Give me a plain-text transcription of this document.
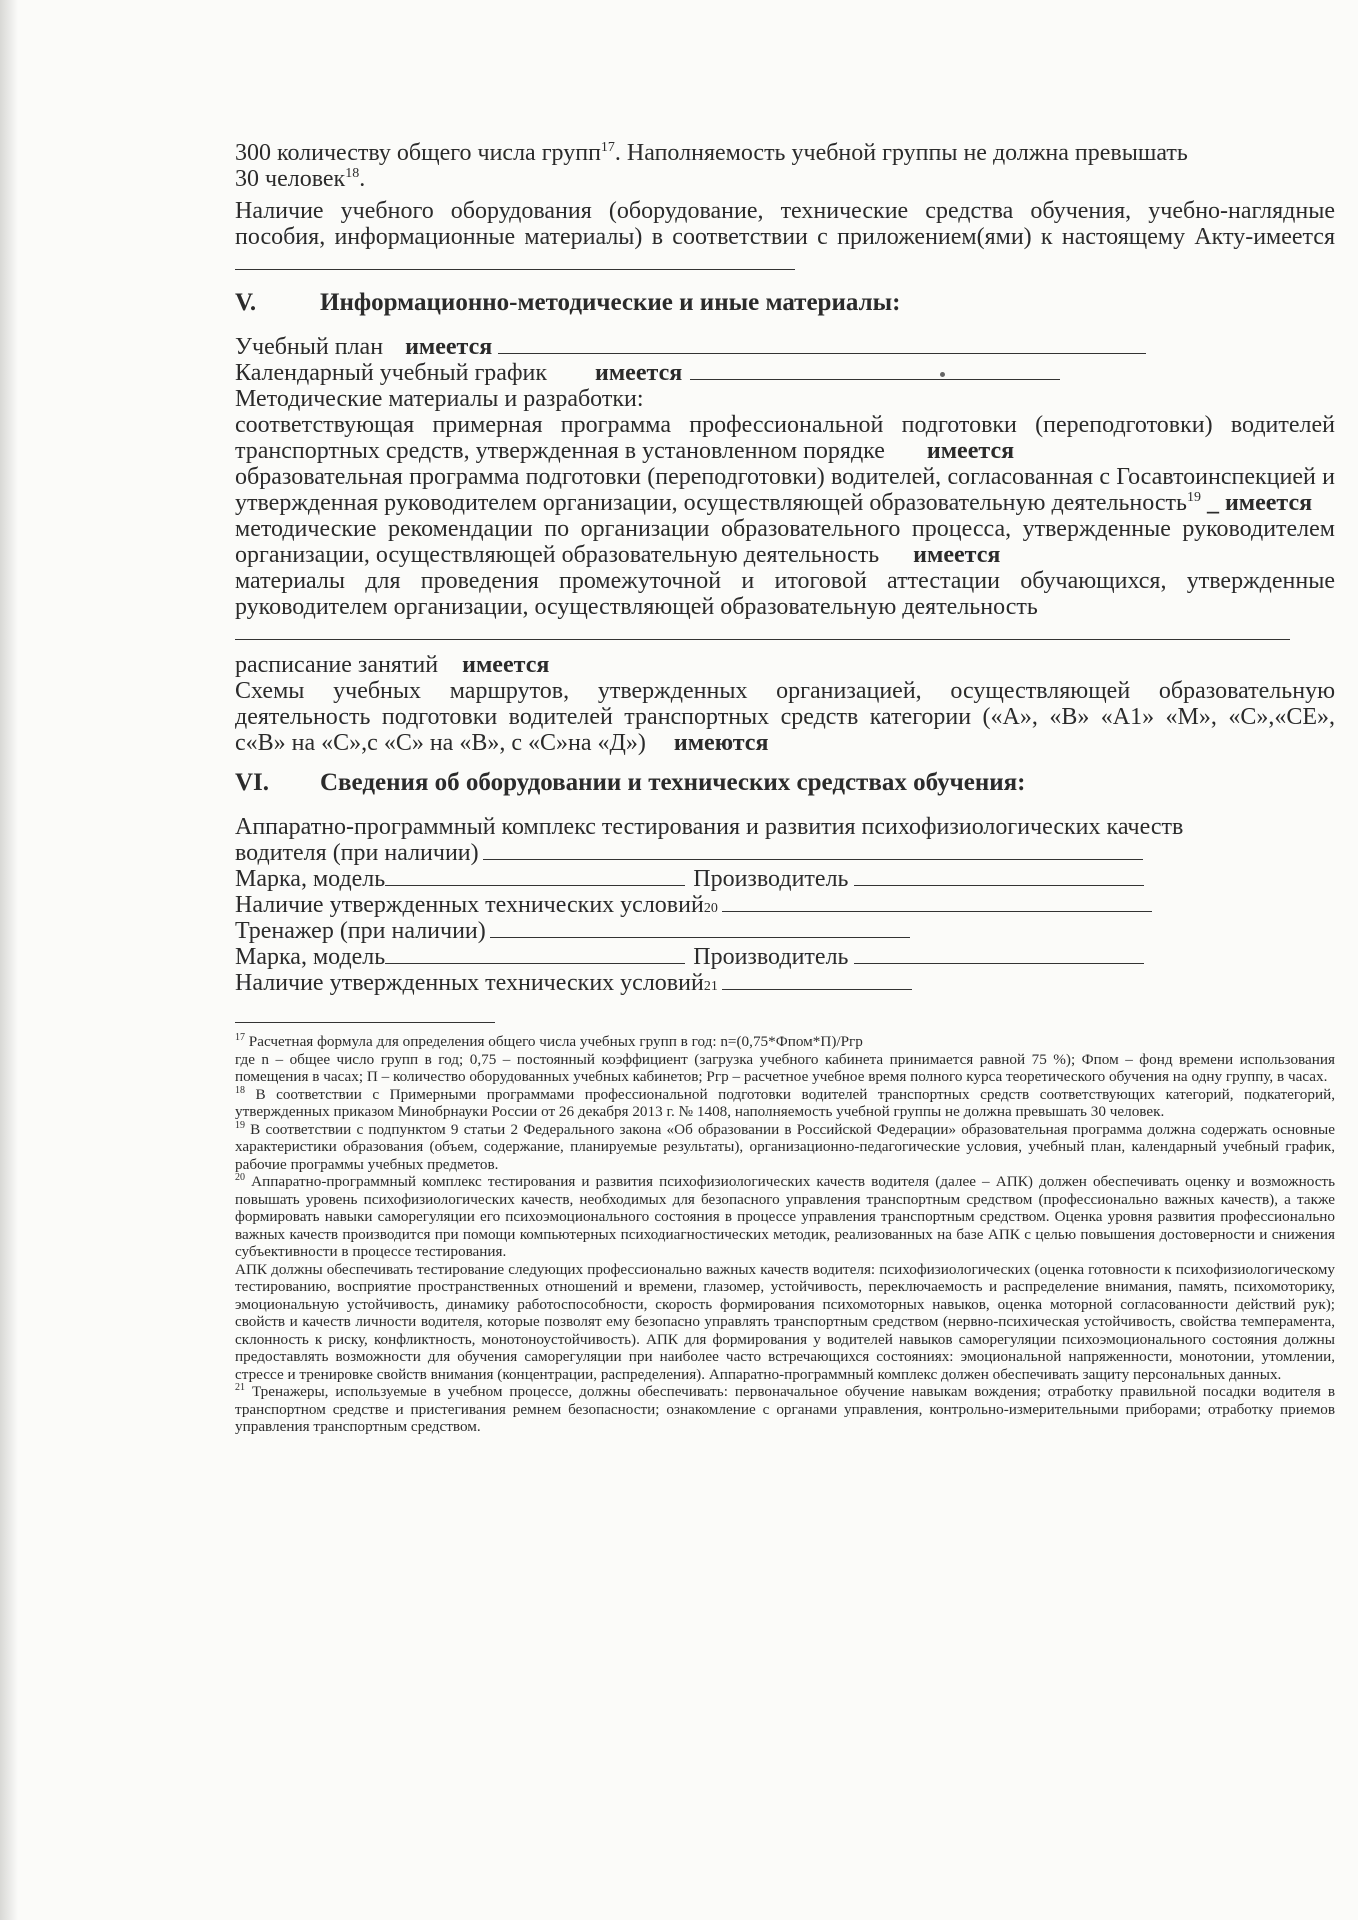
300 количеству общего числа групп$^{17}$. Наполняемость учебной группы не должна превышать

30 человек$^{18}$.

Наличие учебного оборудования (оборудование, технические средства обучения, учебно-наглядные пособия, информационные материалы) в соответствии с приложением(ями) к настоящему Акту-имеется

V.	Информационно-методические и иные материалы:
Учебный план имеется
Календарный учебный график имеется

Методические материалы и разработки:

соответствующая примерная программа профессиональной подготовки (переподготовки) водителей транспортных средств, утвержденная в установленном порядке имеется

образовательная программа подготовки (переподготовки) водителей, согласованная с Госавтоинспекцией и утвержденная руководителем организации, осуществляющей образовательную деятельность$^{19}$ _ имеется

методические рекомендации по организации образовательного процесса, утвержденные руководителем организации, осуществляющей образовательную деятельность имеется

материалы для проведения промежуточной и итоговой аттестации обучающихся, утвержденные руководителем организации, осуществляющей образовательную деятельность

расписание занятий имеется

Схемы учебных маршрутов, утвержденных организацией, осуществляющей образовательную деятельность подготовки водителей транспортных средств категории («А», «В» «А1» «М», «С»,«CE», с«В» на «С»,с «С» на «В», с «С»на «Д») имеются

VI.	Сведения об оборудовании и технических средствах обучения:

Аппаратно-программный комплекс тестирования и развития психофизиологических качеств

водителя (при наличии)
Марка, модель	Производитель
Наличие утвержденных технических условий 20
Тренажер (при наличии)
Марка, модель	Производитель
Наличие утвержденных технических условий 21

$^{17}$ Расчетная формула для определения общего числа учебных групп в год: n=(0,75*Фпом*П)/Ргр

где n – общее число групп в год; 0,75 – постоянный коэффициент (загрузка учебного кабинета принимается равной 75 %); Фпом – фонд времени использования помещения в часах; П – количество оборудованных учебных кабинетов; Ргр – расчетное учебное время полного курса теоретического обучения на одну группу, в часах.

$^{18}$ В соответствии с Примерными программами профессиональной подготовки водителей транспортных средств соответствующих категорий, подкатегорий, утвержденных приказом Минобрнауки России от 26 декабря 2013 г. № 1408, наполняемость учебной группы не должна превышать 30 человек.

$^{19}$ В соответствии с подпунктом 9 статьи 2 Федерального закона «Об образовании в Российской Федерации» образовательная программа должна содержать основные характеристики образования (объем, содержание, планируемые результаты), организационно-педагогические условия, учебный план, календарный учебный график, рабочие программы учебных предметов.

$^{20}$ Аппаратно-программный комплекс тестирования и развития психофизиологических качеств водителя (далее – АПК) должен обеспечивать оценку и возможность повышать уровень психофизиологических качеств, необходимых для безопасного управления транспортным средством (профессионально важных качеств), а также формировать навыки саморегуляции его психоэмоционального состояния в процессе управления транспортным средством. Оценка уровня развития профессионально важных качеств производится при помощи компьютерных психодиагностических методик, реализованных на базе АПК с целью повышения достоверности и снижения субъективности в процессе тестирования.

АПК должны обеспечивать тестирование следующих профессионально важных качеств водителя: психофизиологических (оценка готовности к психофизиологическому тестированию, восприятие пространственных отношений и времени, глазомер, устойчивость, переключаемость и распределение внимания, память, психомоторику, эмоциональную устойчивость, динамику работоспособности, скорость формирования психомоторных навыков, оценка моторной согласованности действий рук); свойств и качеств личности водителя, которые позволят ему безопасно управлять транспортным средством (нервно-психическая устойчивость, свойства темперамента, склонность к риску, конфликтность, монотоноустойчивость). АПК для формирования у водителей навыков саморегуляции психоэмоционального состояния должны предоставлять возможности для обучения саморегуляции при наиболее часто встречающихся состояниях: эмоциональной напряженности, монотонии, утомлении, стрессе и тренировке свойств внимания (концентрации, распределения). Аппаратно-программный комплекс должен обеспечивать защиту персональных данных.

$^{21}$ Тренажеры, используемые в учебном процессе, должны обеспечивать: первоначальное обучение навыкам вождения; отработку правильной посадки водителя в транспортном средстве и пристегивания ремнем безопасности; ознакомление с органами управления, контрольно-измерительными приборами; отработку приемов управления транспортным средством.
